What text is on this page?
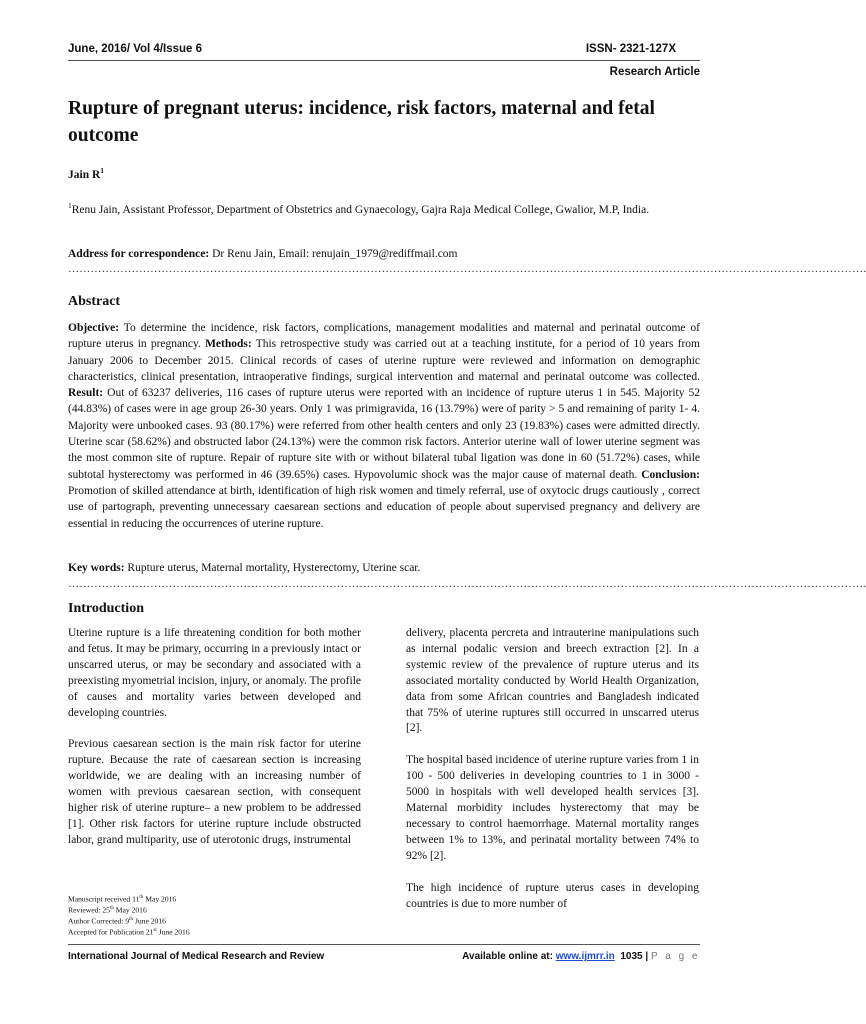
June, 2016/ Vol 4/Issue 6	ISSN- 2321-127X
Research Article
Rupture of pregnant uterus: incidence, risk factors, maternal and fetal outcome
Jain $R^1$
$^1$Renu Jain, Assistant Professor, Department of Obstetrics and Gynaecology, Gajra Raja Medical College, Gwalior, M.P, India.
Address for correspondence: Dr Renu Jain, Email: renujain_1979@rediffmail.com
…………………………………………………………………………………………………………………………………………………………………………………………….
Abstract
Objective: To determine the incidence, risk factors, complications, management modalities and maternal and perinatal outcome of rupture uterus in pregnancy. Methods: This retrospective study was carried out at a teaching institute, for a period of 10 years from January 2006 to December 2015. Clinical records of cases of uterine rupture were reviewed and information on demographic characteristics, clinical presentation, intraoperative findings, surgical intervention and maternal and perinatal outcome was collected. Result: Out of 63237 deliveries, 116 cases of rupture uterus were reported with an incidence of rupture uterus 1 in 545. Majority 52 (44.83%) of cases were in age group 26-30 years. Only 1 was primigravida, 16 (13.79%) were of parity > 5 and remaining of parity 1- 4. Majority were unbooked cases. 93 (80.17%) were referred from other health centers and only 23 (19.83%) cases were admitted directly. Uterine scar (58.62%) and obstructed labor (24.13%) were the common risk factors. Anterior uterine wall of lower uterine segment was the most common site of rupture. Repair of rupture site with or without bilateral tubal ligation was done in 60 (51.72%) cases, while subtotal hysterectomy was performed in 46 (39.65%) cases. Hypovolumic shock was the major cause of maternal death. Conclusion: Promotion of skilled attendance at birth, identification of high risk women and timely referral, use of oxytocic drugs cautiously , correct use of partograph, preventing unnecessary caesarean sections and education of people about supervised pregnancy and delivery are essential in reducing the occurrences of uterine rupture.
Key words: Rupture uterus, Maternal mortality, Hysterectomy, Uterine scar.
…………………………………………………………………………………………………………………………………………………………………………………………….
Introduction

Uterine rupture is a life threatening condition for both mother and fetus. It may be primary, occurring in a previously intact or unscarred uterus, or may be secondary and associated with a preexisting myometrial incision, injury, or anomaly. The profile of causes and mortality varies between developed and developing countries.

Previous caesarean section is the main risk factor for uterine rupture. Because the rate of caesarean section is increasing worldwide, we are dealing with an increasing number of women with previous caesarean section, with consequent higher risk of uterine rupture– a new problem to be addressed [1]. Other risk factors for uterine rupture include obstructed labor, grand multiparity, use of uterotonic drugs, instrumental

delivery, placenta percreta and intrauterine manipulations such as internal podalic version and breech extraction [2]. In a systemic review of the prevalence of rupture uterus and its associated mortality conducted by World Health Organization, data from some African countries and Bangladesh indicated that 75% of uterine ruptures still occurred in unscarred uterus [2].

The hospital based incidence of uterine rupture varies from 1 in 100 - 500 deliveries in developing countries to 1 in 3000 - 5000 in hospitals with well developed health services [3]. Maternal morbidity includes hysterectomy that may be necessary to control haemorrhage. Maternal mortality ranges between 1% to 13%, and perinatal mortality between 74% to 92% [2].

The high incidence of rupture uterus cases in developing countries is due to more number of

Manuscript received 11th May 2016
Reviewed: 25th May 2016
Author Corrected: 9th June 2016
Accepted for Publication 21st June 2016
International Journal of Medical Research and Review	Available online at: www.ijmrr.in 1035 | P a g e
